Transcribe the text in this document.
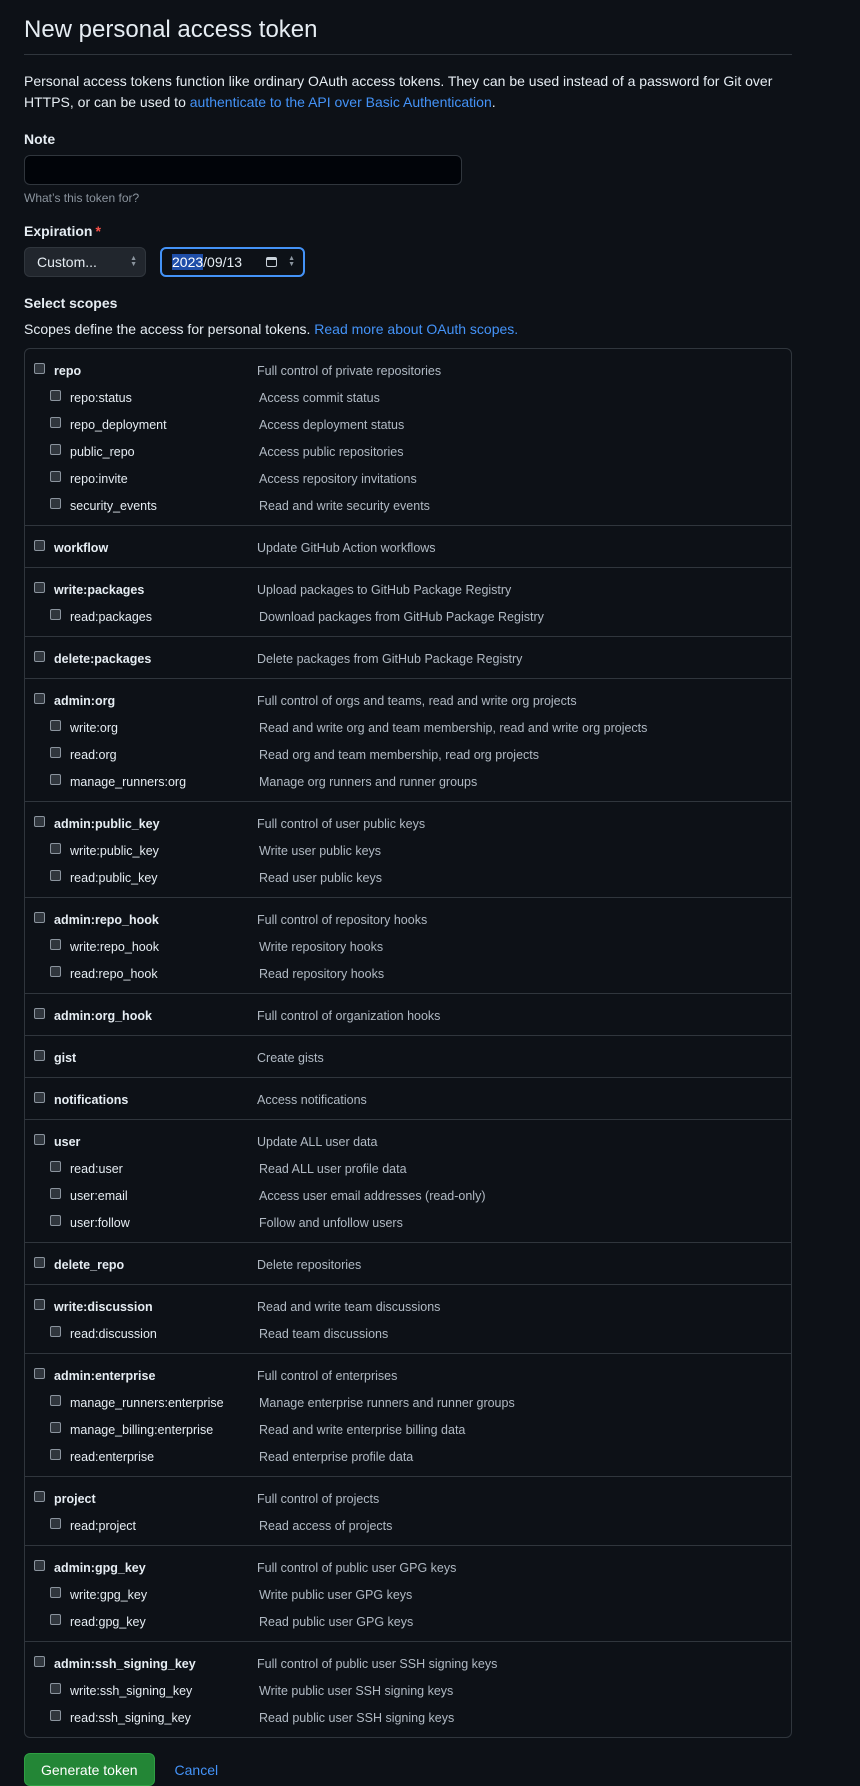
New personal access token

Personal access tokens function like ordinary OAuth access tokens. They can be used instead of a password for Git over HTTPS, or can be used to authenticate to the API over Basic Authentication.

Note
What’s this token for?
Expiration *
Custom...	▲
▼	2023 /09/13	▲
▼
Select scopes
Scopes define the access for personal tokens. Read more about OAuth scopes.
repo	Full control of private repositories
repo:status	Access commit status
repo_deployment	Access deployment status
public_repo	Access public repositories
repo:invite	Access repository invitations
security_events	Read and write security events
workflow	Update GitHub Action workflows
write:packages	Upload packages to GitHub Package Registry
read:packages	Download packages from GitHub Package Registry
delete:packages	Delete packages from GitHub Package Registry
admin:org	Full control of orgs and teams, read and write org projects
write:org	Read and write org and team membership, read and write org projects
read:org	Read org and team membership, read org projects
manage_runners:org	Manage org runners and runner groups
admin:public_key	Full control of user public keys
write:public_key	Write user public keys
read:public_key	Read user public keys
admin:repo_hook	Full control of repository hooks
write:repo_hook	Write repository hooks
read:repo_hook	Read repository hooks
admin:org_hook	Full control of organization hooks
gist	Create gists
notifications	Access notifications
user	Update ALL user data
read:user	Read ALL user profile data
user:email	Access user email addresses (read-only)
user:follow	Follow and unfollow users
delete_repo	Delete repositories
write:discussion	Read and write team discussions
read:discussion	Read team discussions
admin:enterprise	Full control of enterprises
manage_runners:enterprise	Manage enterprise runners and runner groups
manage_billing:enterprise	Read and write enterprise billing data
read:enterprise	Read enterprise profile data
project	Full control of projects
read:project	Read access of projects
admin:gpg_key	Full control of public user GPG keys
write:gpg_key	Write public user GPG keys
read:gpg_key	Read public user GPG keys
admin:ssh_signing_key	Full control of public user SSH signing keys
write:ssh_signing_key	Write public user SSH signing keys
read:ssh_signing_key	Read public user SSH signing keys
Generate token	Cancel
